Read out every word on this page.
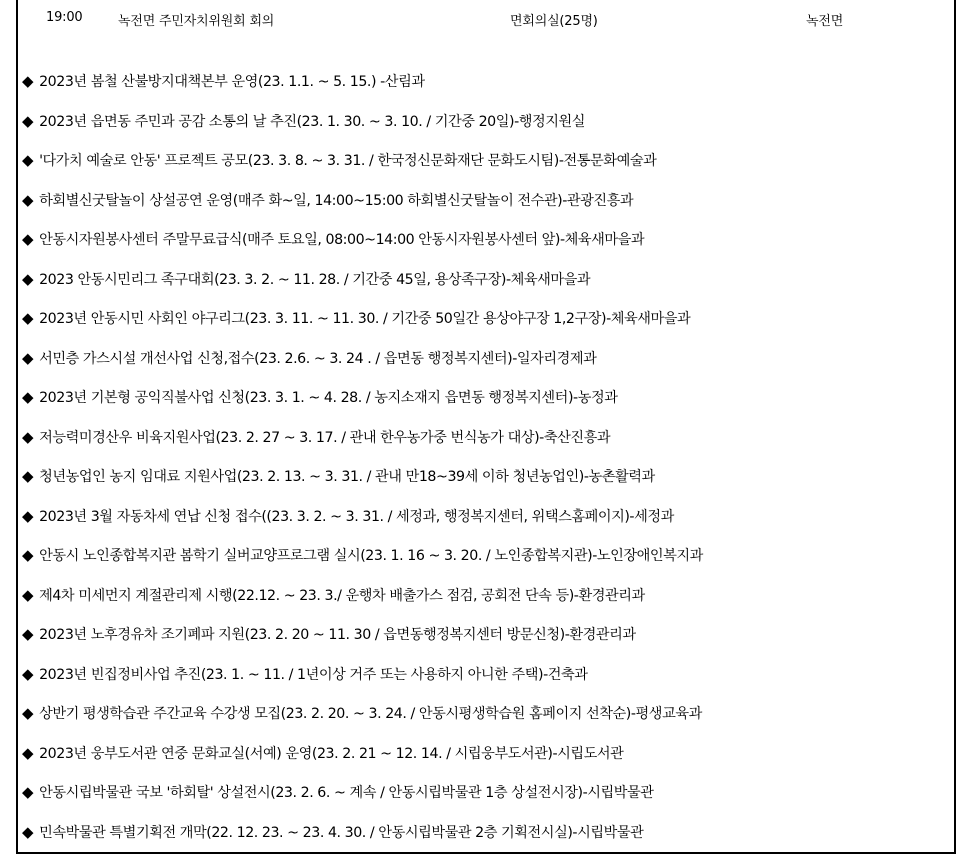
19:00	녹전면 주민자치위원회 회의	면회의실(25명)	녹전면
◆ 2023년 봄철 산불방지대책본부 운영(23. 1.1. ~ 5. 15.) -산림과
◆ 2023년 읍면동 주민과 공감 소통의 날 추진(23. 1. 30. ~ 3. 10. / 기간중 20일)-행정지원실
◆ '다가치 예술로 안동' 프로젝트 공모(23. 3. 8. ~ 3. 31. / 한국정신문화재단 문화도시팀)-전통문화예술과
◆ 하회별신굿탈놀이 상설공연 운영(매주 화~일, 14:00~15:00 하회별신굿탈놀이 전수관)-관광진흥과
◆ 안동시자원봉사센터 주말무료급식(매주 토요일, 08:00~14:00 안동시자원봉사센터 앞)-체육새마을과
◆ 2023 안동시민리그 족구대회(23. 3. 2. ~ 11. 28. / 기간중 45일, 용상족구장)-체육새마을과
◆ 2023년 안동시민 사회인 야구리그(23. 3. 11. ~ 11. 30. / 기간중 50일간 용상야구장 1,2구장)-체육새마을과
◆ 서민층 가스시설 개선사업 신청,접수(23. 2.6. ~ 3. 24 . / 읍면동 행정복지센터)-일자리경제과
◆ 2023년 기본형 공익직불사업 신청(23. 3. 1. ~ 4. 28. / 농지소재지 읍면동 행정복지센터)-농정과
◆ 저능력미경산우 비육지원사업(23. 2. 27 ~ 3. 17. / 관내 한우농가중 번식농가 대상)-축산진흥과
◆ 청년농업인 농지 임대료 지원사업(23. 2. 13. ~ 3. 31. / 관내 만18~39세 이하 청년농업인)-농촌활력과
◆ 2023년 3월 자동차세 연납 신청 접수((23. 3. 2. ~ 3. 31. / 세정과, 행정복지센터, 위택스홈페이지)-세정과
◆ 안동시 노인종합복지관 봄학기 실버교양프로그램 실시(23. 1. 16 ~ 3. 20. / 노인종합복지관)-노인장애인복지과
◆ 제4차 미세먼지 계절관리제 시행(22.12. ~ 23. 3./ 운행차 배출가스 점검, 공회전 단속 등)-환경관리과
◆ 2023년 노후경유차 조기폐파 지원(23. 2. 20 ~ 11. 30 / 읍면동행정복지센터 방문신청)-환경관리과
◆ 2023년 빈집정비사업 추진(23. 1. ~ 11. / 1년이상 거주 또는 사용하지 아니한 주택)-건축과
◆ 상반기 평생학습관 주간교육 수강생 모집(23. 2. 20. ~ 3. 24. / 안동시평생학습원 홈페이지 선착순)-평생교육과
◆ 2023년 웅부도서관 연중 문화교실(서예) 운영(23. 2. 21 ~ 12. 14. / 시립웅부도서관)-시립도서관
◆ 안동시립박물관 국보 '하회탈' 상설전시(23. 2. 6. ~ 계속 / 안동시립박물관 1층 상설전시장)-시립박물관
◆ 민속박물관 특별기획전 개막(22. 12. 23. ~ 23. 4. 30. / 안동시립박물관 2층 기획전시실)-시립박물관
